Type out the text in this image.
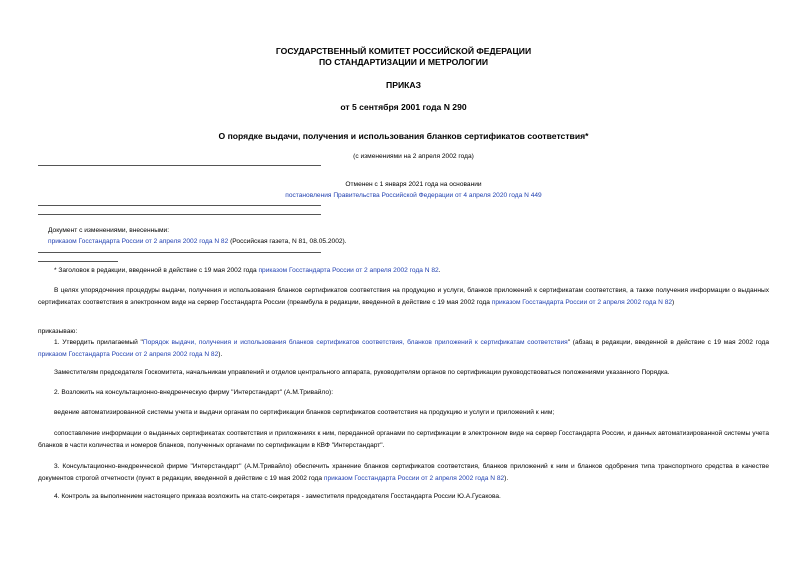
ГОСУДАРСТВЕННЫЙ КОМИТЕТ РОССИЙСКОЙ ФЕДЕРАЦИИ
ПО СТАНДАРТИЗАЦИИ И МЕТРОЛОГИИ
ПРИКАЗ
от 5 сентября 2001 года N 290
О порядке выдачи, получения и использования бланков сертификатов соответствия*
(с изменениями на 2 апреля 2002 года)
Отменен с 1 января 2021 года на основании
постановления Правительства Российской Федерации от 4 апреля 2020 года N 449
Документ с изменениями, внесенными:
приказом Госстандарта России от 2 апреля 2002 года N 82 (Российская газета, N 81, 08.05.2002).
* Заголовок в редакции, введенной в действие с 19 мая 2002 года приказом Госстандарта России от 2 апреля 2002 года N 82.
В целях упорядочения процедуры выдачи, получения и использования бланков сертификатов соответствия на продукцию и услуги, бланков приложений к сертификатам соответствия, а также получения информации о выданных сертификатах соответствия в электронном виде на сервер Госстандарта России (преамбула в редакции, введенной в действие с 19 мая 2002 года приказом Госстандарта России от 2 апреля 2002 года N 82)
приказываю:
1. Утвердить прилагаемый "Порядок выдачи, получения и использования бланков сертификатов соответствия, бланков приложений к сертификатам соответствия" (абзац в редакции, введенной в действие с 19 мая 2002 года приказом Госстандарта России от 2 апреля 2002 года N 82).
Заместителям председателя Госкомитета, начальникам управлений и отделов центрального аппарата, руководителям органов по сертификации руководствоваться положениями указанного Порядка.
2. Возложить на консультационно-внедренческую фирму "Интерстандарт" (А.М.Тривайло):
ведение автоматизированной системы учета и выдачи органам по сертификации бланков сертификатов соответствия на продукцию и услуги и приложений к ним;
сопоставление информации о выданных сертификатах соответствия и приложениях к ним, переданной органами по сертификации в электронном виде на сервер Госстандарта России, и данных автоматизированной системы учета бланков в части количества и номеров бланков, полученных органами по сертификации в КВФ "Интерстандарт".
3. Консультационно-внедренческой фирме "Интерстандарт" (А.М.Тривайло) обеспечить хранение бланков сертификатов соответствия, бланков приложений к ним и бланков одобрения типа транспортного средства в качестве документов строгой отчетности (пункт в редакции, введенной в действие с 19 мая 2002 года приказом Госстандарта России от 2 апреля 2002 года N 82).
4. Контроль за выполнением настоящего приказа возложить на статс-секретаря - заместителя председателя Госстандарта России Ю.А.Гусакова.
